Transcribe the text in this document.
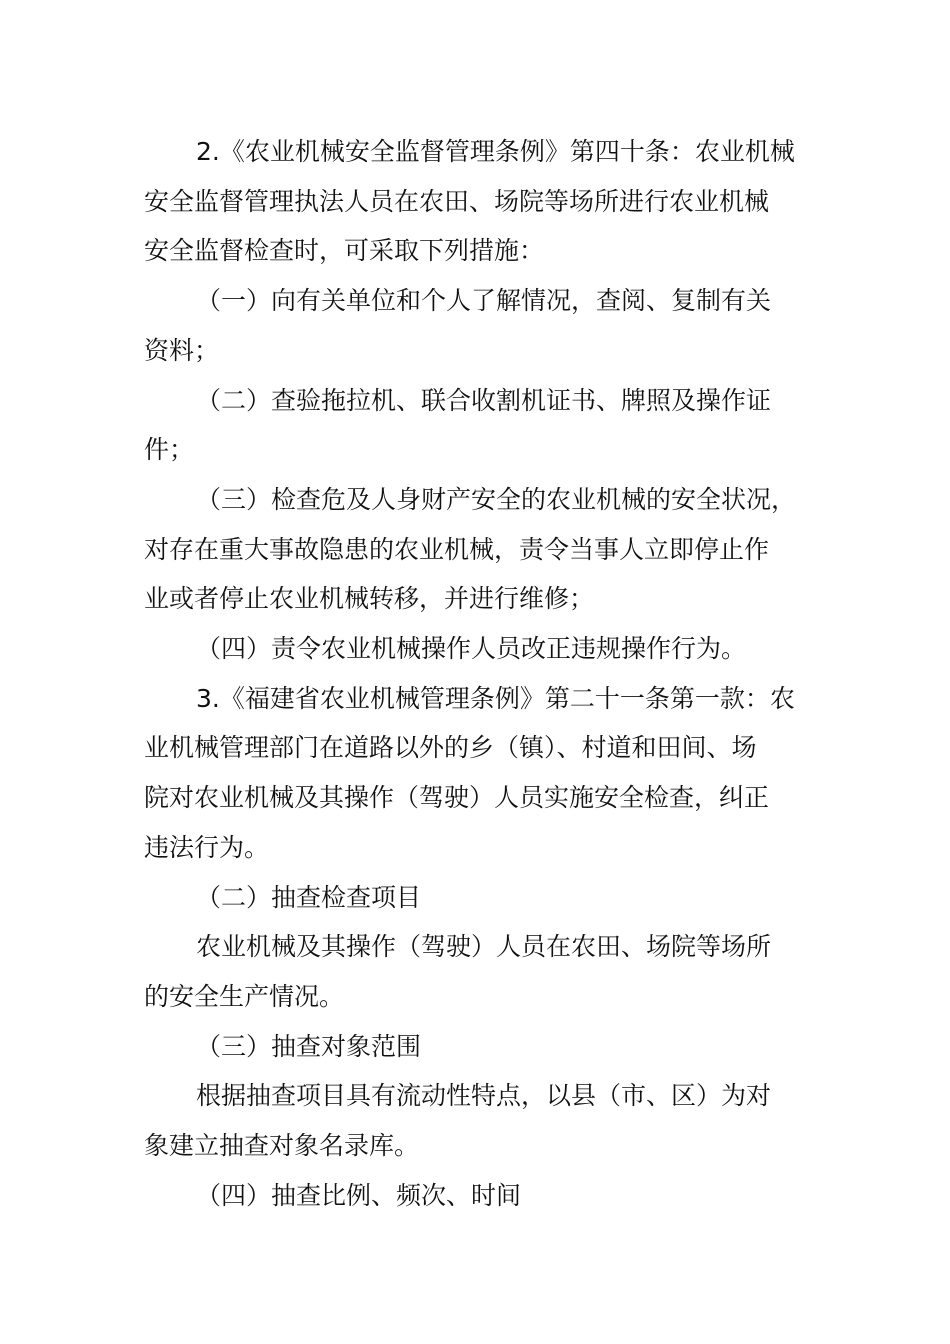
2.《农业机械安全监督管理条例》第四十条：农业机械
安全监督管理执法人员在农田、场院等场所进行农业机械
安全监督检查时，可采取下列措施：

（一）向有关单位和个人了解情况，查阅、复制有关
资料；

（二）查验拖拉机、联合收割机证书、牌照及操作证
件；

（三）检查危及人身财产安全的农业机械的安全状况，
对存在重大事故隐患的农业机械，责令当事人立即停止作
业或者停止农业机械转移，并进行维修；

（四）责令农业机械操作人员改正违规操作行为。

3.《福建省农业机械管理条例》第二十一条第一款：农
业机械管理部门在道路以外的乡（镇）、村道和田间、场
院对农业机械及其操作（驾驶）人员实施安全检查，纠正
违法行为。

（二）抽查检查项目

农业机械及其操作（驾驶）人员在农田、场院等场所
的安全生产情况。

（三）抽查对象范围

根据抽查项目具有流动性特点，以县（市、区）为对
象建立抽查对象名录库。

（四）抽查比例、频次、时间
